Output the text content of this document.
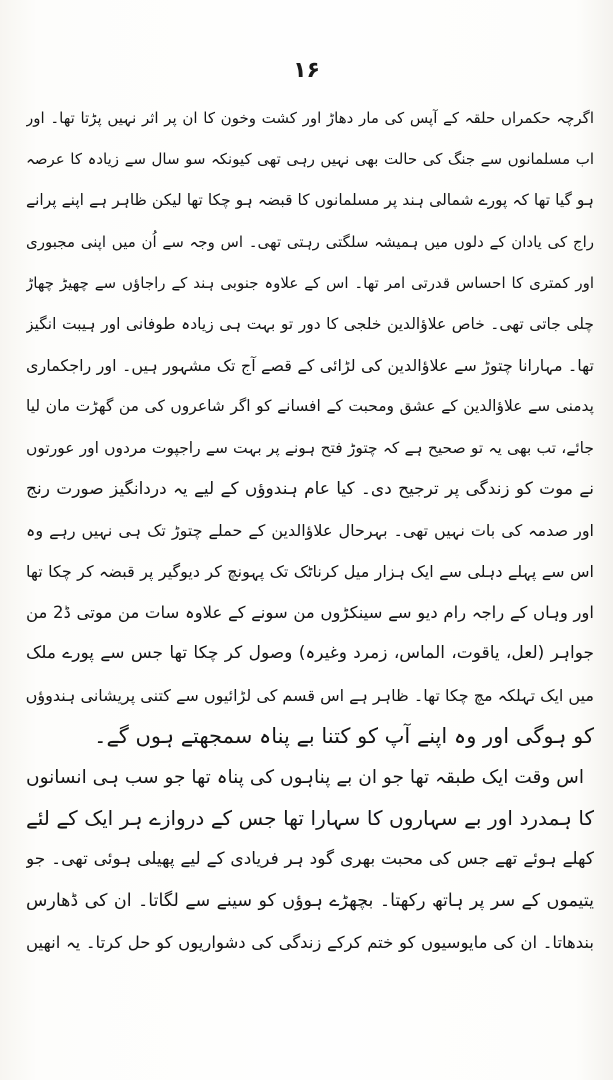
۱۶
اگرچہ حکمراں حلقہ کے آپس کی مار دھاڑ اور کشت وخون کا ان پر اثر نہیں پڑتا تھا۔ اور
اب مسلمانوں سے جنگ کی حالت بھی نہیں رہی تھی کیونکہ سو سال سے زیادہ کا عرصہ
ہو گیا تھا کہ پورے شمالی ہند پر مسلمانوں کا قبضہ ہو چکا تھا لیکن ظاہر ہے اپنے پرانے
راج کی یادان کے دلوں میں ہمیشہ سلگتی رہتی تھی۔ اس وجہ سے اُن میں اپنی مجبوری
اور کمتری کا احساس قدرتی امر تھا۔ اس کے علاوہ جنوبی ہند کے راجاؤں سے چھیڑ چھاڑ
چلی جاتی تھی۔ خاص علاؤالدین خلجی کا دور تو بہت ہی زیادہ طوفانی اور ہیبت انگیز
تھا۔ مہارانا چتوڑ سے علاؤالدین کی لڑائی کے قصے آج تک مشہور ہیں۔ اور راجکماری
پدمنی سے علاؤالدین کے عشق ومحبت کے افسانے کو اگر شاعروں کی من گھڑت مان لیا
جائے، تب بھی یہ تو صحیح ہے کہ چتوڑ فتح ہونے پر بہت سے راجپوت مردوں اور عورتوں
نے موت کو زندگی پر ترجیح دی۔ کیا عام ہندوؤں کے لیے یہ دردانگیز صورت رنج
اور صدمہ کی بات نہیں تھی۔ بہرحال علاؤالدین کے حملے چتوڑ تک ہی نہیں رہے وہ
اس سے پہلے دہلی سے ایک ہزار میل کرناٹک تک پہونچ کر دیوگیر پر قبضہ کر چکا تھا
اور وہاں کے راجہ رام دیو سے سینکڑوں من سونے کے علاوہ سات من موتی ڈ2 من
جواہر (لعل، یاقوت، الماس، زمرد وغیرہ) وصول کر چکا تھا جس سے پورے ملک
میں ایک تہلکہ مچ چکا تھا۔ ظاہر ہے اس قسم کی لڑائیوں سے کتنی پریشانی ہندوؤں
کو ہوگی اور وہ اپنے آپ کو کتنا بے پناہ سمجھتے ہوں گے۔
اس وقت ایک طبقہ تھا جو ان بے پناہوں کی پناہ تھا جو سب ہی انسانوں
کا ہمدرد اور بے سہاروں کا سہارا تھا جس کے دروازے ہر ایک کے لئے
کھلے ہوئے تھے جس کی محبت بھری گود ہر فریادی کے لیے پھیلی ہوئی تھی۔ جو
یتیموں کے سر پر ہاتھ رکھتا۔ بچھڑے ہوؤں کو سینے سے لگاتا۔ ان کی ڈھارس
بندھاتا۔ ان کی مایوسیوں کو ختم کرکے زندگی کی دشواریوں کو حل کرتا۔ یہ انھیں
